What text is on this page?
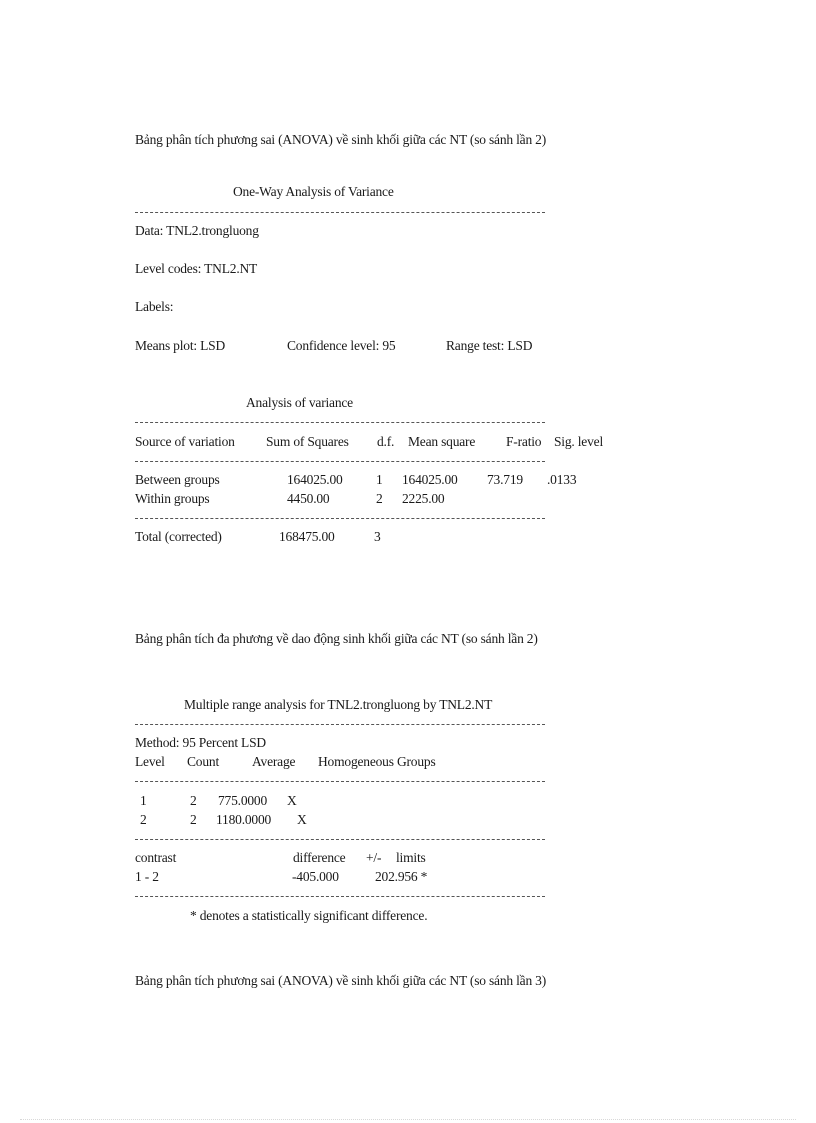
Bảng phân tích phương sai (ANOVA) về sinh khối giữa các NT (so sánh lần 2)
One-Way Analysis of Variance
Data: TNL2.trongluong
Level codes: TNL2.NT
Labels:
Means plot: LSD	Confidence level: 95	Range test: LSD
Analysis of variance
Source of variation Sum of Squares d.f. Mean square F-ratio Sig. level
Between groups	164025.00 1 164025.00 73.719 .0133
Within groups	4450.00	2 2225.00
Total (corrected)	168475.00	3
Bảng phân tích đa phương về dao động sinh khối giữa các NT (so sánh lần 2)
Multiple range analysis for TNL2.trongluong by TNL2.NT
Method: 95 Percent LSD
Level Count Average Homogeneous Groups
1	2 775.0000 X
2	2 1180.0000 X
contrast	difference +/- limits
1 - 2	-405.000	202.956 *
* denotes a statistically significant difference.
Bảng phân tích phương sai (ANOVA) về sinh khối giữa các NT (so sánh lần 3)
